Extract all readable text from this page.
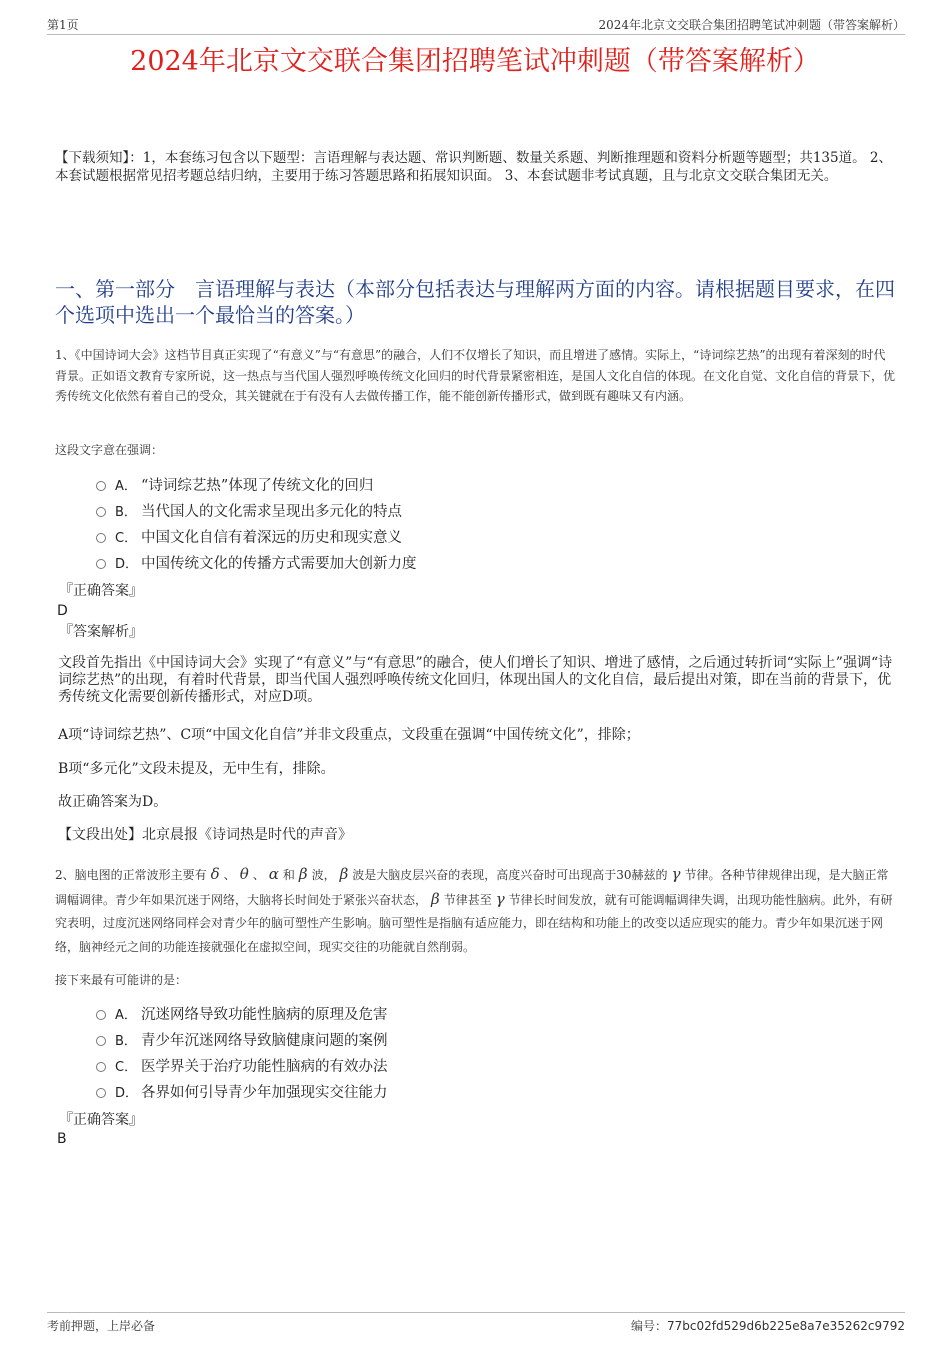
第1页	2024年北京文交联合集团招聘笔试冲刺题（带答案解析）
2024年北京文交联合集团招聘笔试冲刺题（带答案解析）
【下载须知】：1，本套练习包含以下题型：言语理解与表达题、常识判断题、数量关系题、判断推理题和资料分析题等题型；共135道。 2、本套试题根据常见招考题总结归纳，主要用于练习答题思路和拓展知识面。 3、本套试题非考试真题，且与北京文交联合集团无关。
一、第一部分　言语理解与表达（本部分包括表达与理解两方面的内容。请根据题目要求，在四个选项中选出一个最恰当的答案。）
1、《中国诗词大会》这档节目真正实现了“有意义”与“有意思”的融合，人们不仅增长了知识，而且增进了感情。实际上，“诗词综艺热”的出现有着深刻的时代背景。正如语文教育专家所说，这一热点与当代国人强烈呼唤传统文化回归的时代背景紧密相连，是国人文化自信的体现。在文化自觉、文化自信的背景下，优秀传统文化依然有着自己的受众，其关键就在于有没有人去做传播工作，能不能创新传播形式，做到既有趣味又有内涵。
这段文字意在强调：
A． “诗词综艺热”体现了传统文化的回归
B． 当代国人的文化需求呈现出多元化的特点
C． 中国文化自信有着深远的历史和现实意义
D． 中国传统文化的传播方式需要加大创新力度
『正确答案』
D
『答案解析』
文段首先指出《中国诗词大会》实现了“有意义”与“有意思”的融合，使人们增长了知识、增进了感情，之后通过转折词“实际上”强调“诗词综艺热”的出现，有着时代背景，即当代国人强烈呼唤传统文化回归，体现出国人的文化自信，最后提出对策，即在当前的背景下，优秀传统文化需要创新传播形式，对应D项。
A项“诗词综艺热”、C项“中国文化自信”并非文段重点，文段重在强调“中国传统文化”，排除；
B项“多元化”文段未提及，无中生有，排除。
故正确答案为D。
【文段出处】北京晨报《诗词热是时代的声音》
2、脑电图的正常波形主要有 δ 、 θ 、 α 和 β 波， β 波是大脑皮层兴奋的表现，高度兴奋时可出现高于30赫兹的 γ 节律。各种节律规律出现，是大脑正常调幅调律。青少年如果沉迷于网络，大脑将长时间处于紧张兴奋状态， β 节律甚至 γ 节律长时间发放，就有可能调幅调律失调，出现功能性脑病。此外，有研究表明，过度沉迷网络同样会对青少年的脑可塑性产生影响。脑可塑性是指脑有适应能力，即在结构和功能上的改变以适应现实的能力。青少年如果沉迷于网络，脑神经元之间的功能连接就强化在虚拟空间，现实交往的功能就自然削弱。
接下来最有可能讲的是：
A． 沉迷网络导致功能性脑病的原理及危害
B． 青少年沉迷网络导致脑健康问题的案例
C． 医学界关于治疗功能性脑病的有效办法
D． 各界如何引导青少年加强现实交往能力
『正确答案』
B
考前押题，上岸必备	编号：77bc02fd529d6b225e8a7e35262c9792
